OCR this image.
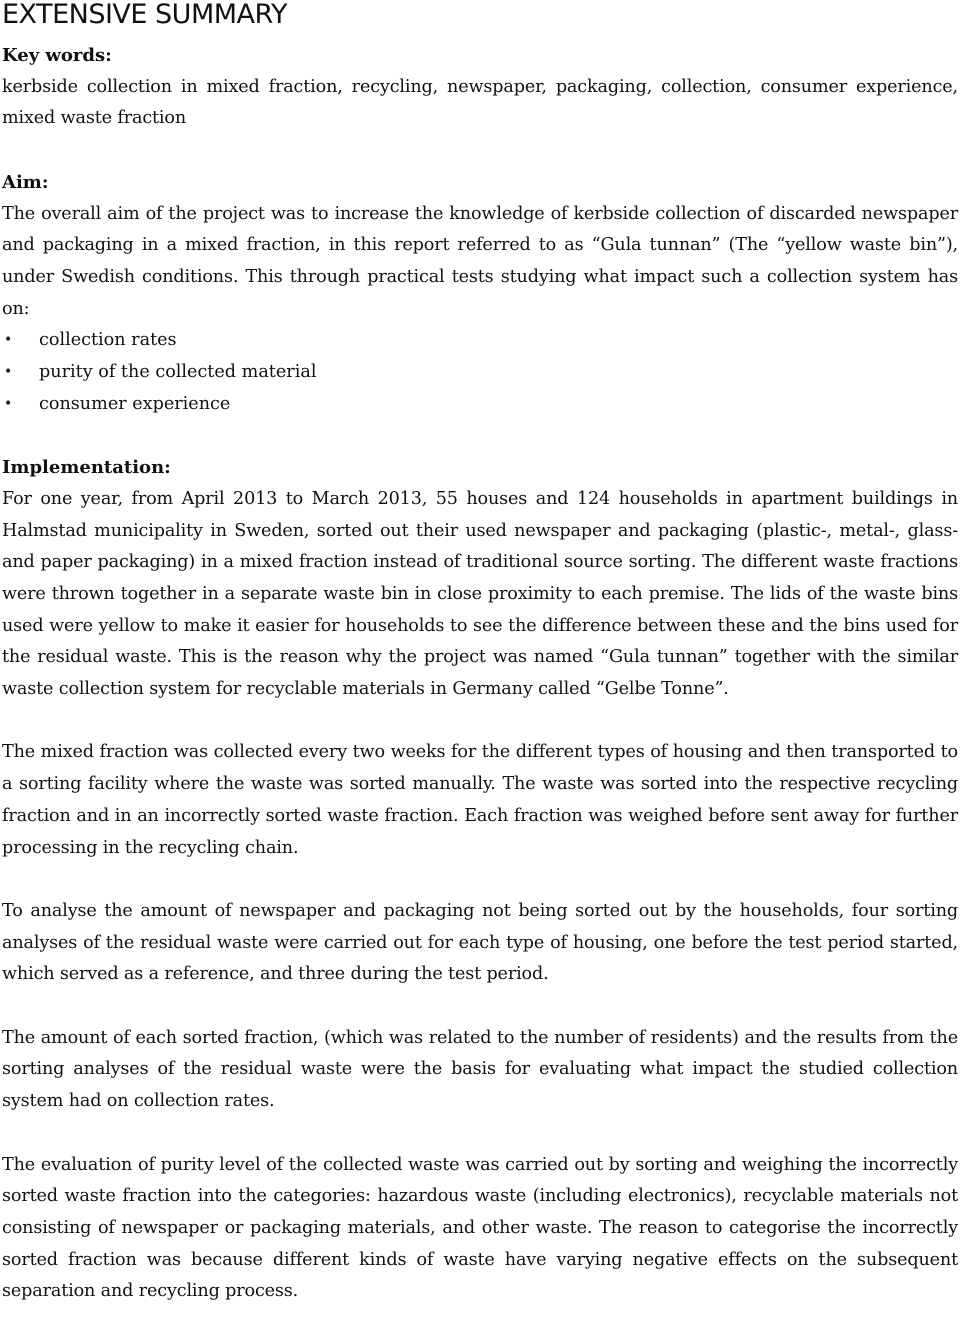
EXTENSIVE SUMMARY
Key words:

kerbside collection in mixed fraction, recycling, newspaper, packaging, collection, consumer experience, mixed waste fraction

Aim:

The overall aim of the project was to increase the knowledge of kerbside collection of discarded newspaper and packaging in a mixed fraction, in this report referred to as “Gula tunnan” (The “yellow waste bin”), under Swedish conditions. This through practical tests studying what impact such a collection system has on:

• collection rates
• purity of the collected material
• consumer experience
Implementation:

For one year, from April 2013 to March 2013, 55 houses and 124 households in apartment buildings in Halmstad municipality in Sweden, sorted out their used newspaper and packaging (plastic-, metal-, glass- and paper packaging) in a mixed fraction instead of traditional source sorting. The different waste fractions were thrown together in a separate waste bin in close proximity to each premise. The lids of the waste bins used were yellow to make it easier for households to see the difference between these and the bins used for the residual waste. This is the reason why the project was named “Gula tunnan” together with the similar waste collection system for recyclable materials in Germany called “Gelbe Tonne”.

The mixed fraction was collected every two weeks for the different types of housing and then transported to a sorting facility where the waste was sorted manually. The waste was sorted into the respective recycling fraction and in an incorrectly sorted waste fraction. Each fraction was weighed before sent away for further processing in the recycling chain.

To analyse the amount of newspaper and packaging not being sorted out by the households, four sorting analyses of the residual waste were carried out for each type of housing, one before the test period started, which served as a reference, and three during the test period.

The amount of each sorted fraction, (which was related to the number of residents) and the results from the sorting analyses of the residual waste were the basis for evaluating what impact the studied collection system had on collection rates.

The evaluation of purity level of the collected waste was carried out by sorting and weighing the incorrectly sorted waste fraction into the categories: hazardous waste (including electronics), recyclable materials not consisting of newspaper or packaging materials, and other waste. The reason to categorise the incorrectly sorted fraction was because different kinds of waste have varying negative effects on the subsequent separation and recycling process.
